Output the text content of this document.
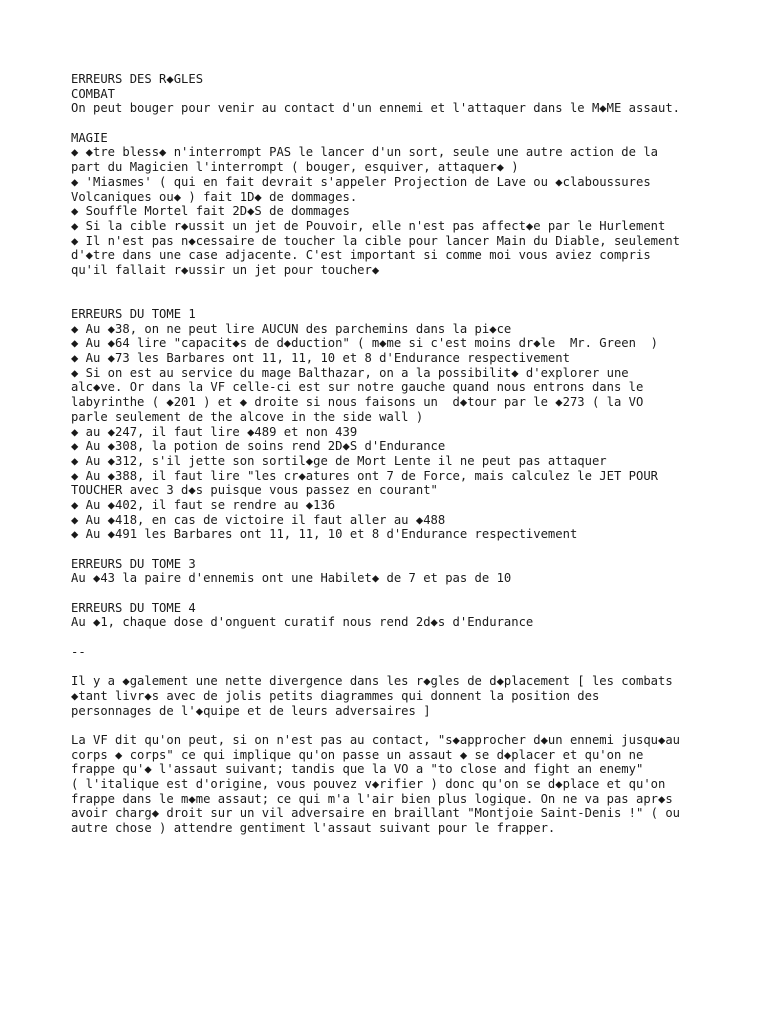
ERREURS DES R◆GLES
COMBAT
On peut bouger pour venir au contact d'un ennemi et l'attaquer dans le M◆ME assaut.
MAGIE
◆ ◆tre bless◆ n'interrompt PAS le lancer d'un sort, seule une autre action de la
part du Magicien l'interrompt ( bouger, esquiver, attaquer◆ )
◆ 'Miasmes' ( qui en fait devrait s'appeler Projection de Lave ou ◆claboussures
Volcaniques ou◆ ) fait 1D◆ de dommages.
◆ Souffle Mortel fait 2D◆S de dommages
◆ Si la cible r◆ussit un jet de Pouvoir, elle n'est pas affect◆e par le Hurlement
◆ Il n'est pas n◆cessaire de toucher la cible pour lancer Main du Diable, seulement
d'◆tre dans une case adjacente. C'est important si comme moi vous aviez compris
qu'il fallait r◆ussir un jet pour toucher◆
ERREURS DU TOME 1
◆ Au ◆38, on ne peut lire AUCUN des parchemins dans la pi◆ce
◆ Au ◆64 lire "capacit◆s de d◆duction" ( m◆me si c'est moins dr◆le  Mr. Green  )
◆ Au ◆73 les Barbares ont 11, 11, 10 et 8 d'Endurance respectivement
◆ Si on est au service du mage Balthazar, on a la possibilit◆ d'explorer une
alc◆ve. Or dans la VF celle-ci est sur notre gauche quand nous entrons dans le
labyrinthe ( ◆201 ) et ◆ droite si nous faisons un  d◆tour par le ◆273 ( la VO
parle seulement de the alcove in the side wall )
◆ au ◆247, il faut lire ◆489 et non 439
◆ Au ◆308, la potion de soins rend 2D◆S d'Endurance
◆ Au ◆312, s'il jette son sortil◆ge de Mort Lente il ne peut pas attaquer
◆ Au ◆388, il faut lire "les cr◆atures ont 7 de Force, mais calculez le JET POUR
TOUCHER avec 3 d◆s puisque vous passez en courant"
◆ Au ◆402, il faut se rendre au ◆136
◆ Au ◆418, en cas de victoire il faut aller au ◆488
◆ Au ◆491 les Barbares ont 11, 11, 10 et 8 d'Endurance respectivement
ERREURS DU TOME 3
Au ◆43 la paire d'ennemis ont une Habilet◆ de 7 et pas de 10
ERREURS DU TOME 4
Au ◆1, chaque dose d'onguent curatif nous rend 2d◆s d'Endurance
--
Il y a ◆galement une nette divergence dans les r◆gles de d◆placement [ les combats
◆tant livr◆s avec de jolis petits diagrammes qui donnent la position des
personnages de l'◆quipe et de leurs adversaires ]
La VF dit qu'on peut, si on n'est pas au contact, "s◆approcher d◆un ennemi jusqu◆au
corps ◆ corps" ce qui implique qu'on passe un assaut ◆ se d◆placer et qu'on ne
frappe qu'◆ l'assaut suivant; tandis que la VO a "to close and fight an enemy"
( l'italique est d'origine, vous pouvez v◆rifier ) donc qu'on se d◆place et qu'on
frappe dans le m◆me assaut; ce qui m'a l'air bien plus logique. On ne va pas apr◆s
avoir charg◆ droit sur un vil adversaire en braillant "Montjoie Saint-Denis !" ( ou
autre chose ) attendre gentiment l'assaut suivant pour le frapper.
